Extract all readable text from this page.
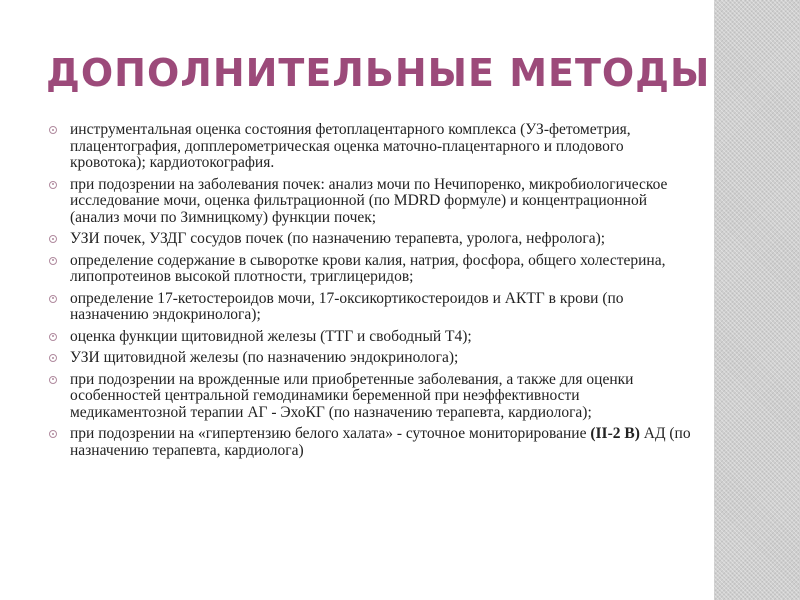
ДОПОЛНИТЕЛЬНЫЕ МЕТОДЫ
инструментальная оценка состояния фетоплацентарного комплекса (УЗ-фетометрия, плацентография, допплерометрическая оценка маточно-плацентарного и плодового кровотока); кардиотокография.
при подозрении на заболевания почек: анализ мочи по Нечипоренко, микробиологическое исследование мочи, оценка фильтрационной (по MDRD формуле) и концентрационной (анализ мочи по Зимницкому) функции почек;
УЗИ почек, УЗДГ сосудов почек (по назначению терапевта, уролога, нефролога);
определение содержание в сыворотке крови калия, натрия, фосфора, общего холестерина, липопротеинов высокой плотности, триглицеридов;
определение 17-кетостероидов мочи, 17-оксикортикостероидов и АКТГ в крови (по назначению эндокринолога);
оценка функции щитовидной железы (ТТГ и свободный Т4);
УЗИ щитовидной железы (по назначению эндокринолога);
при подозрении на врожденные или приобретенные заболевания, а также для оценки особенностей центральной гемодинамики беременной при неэффективности медикаментозной терапии АГ - ЭхоКГ (по назначению терапевта, кардиолога);
при подозрении на «гипертензию белого халата» - суточное мониторирование (II-2 B) АД (по назначению терапевта, кардиолога)
